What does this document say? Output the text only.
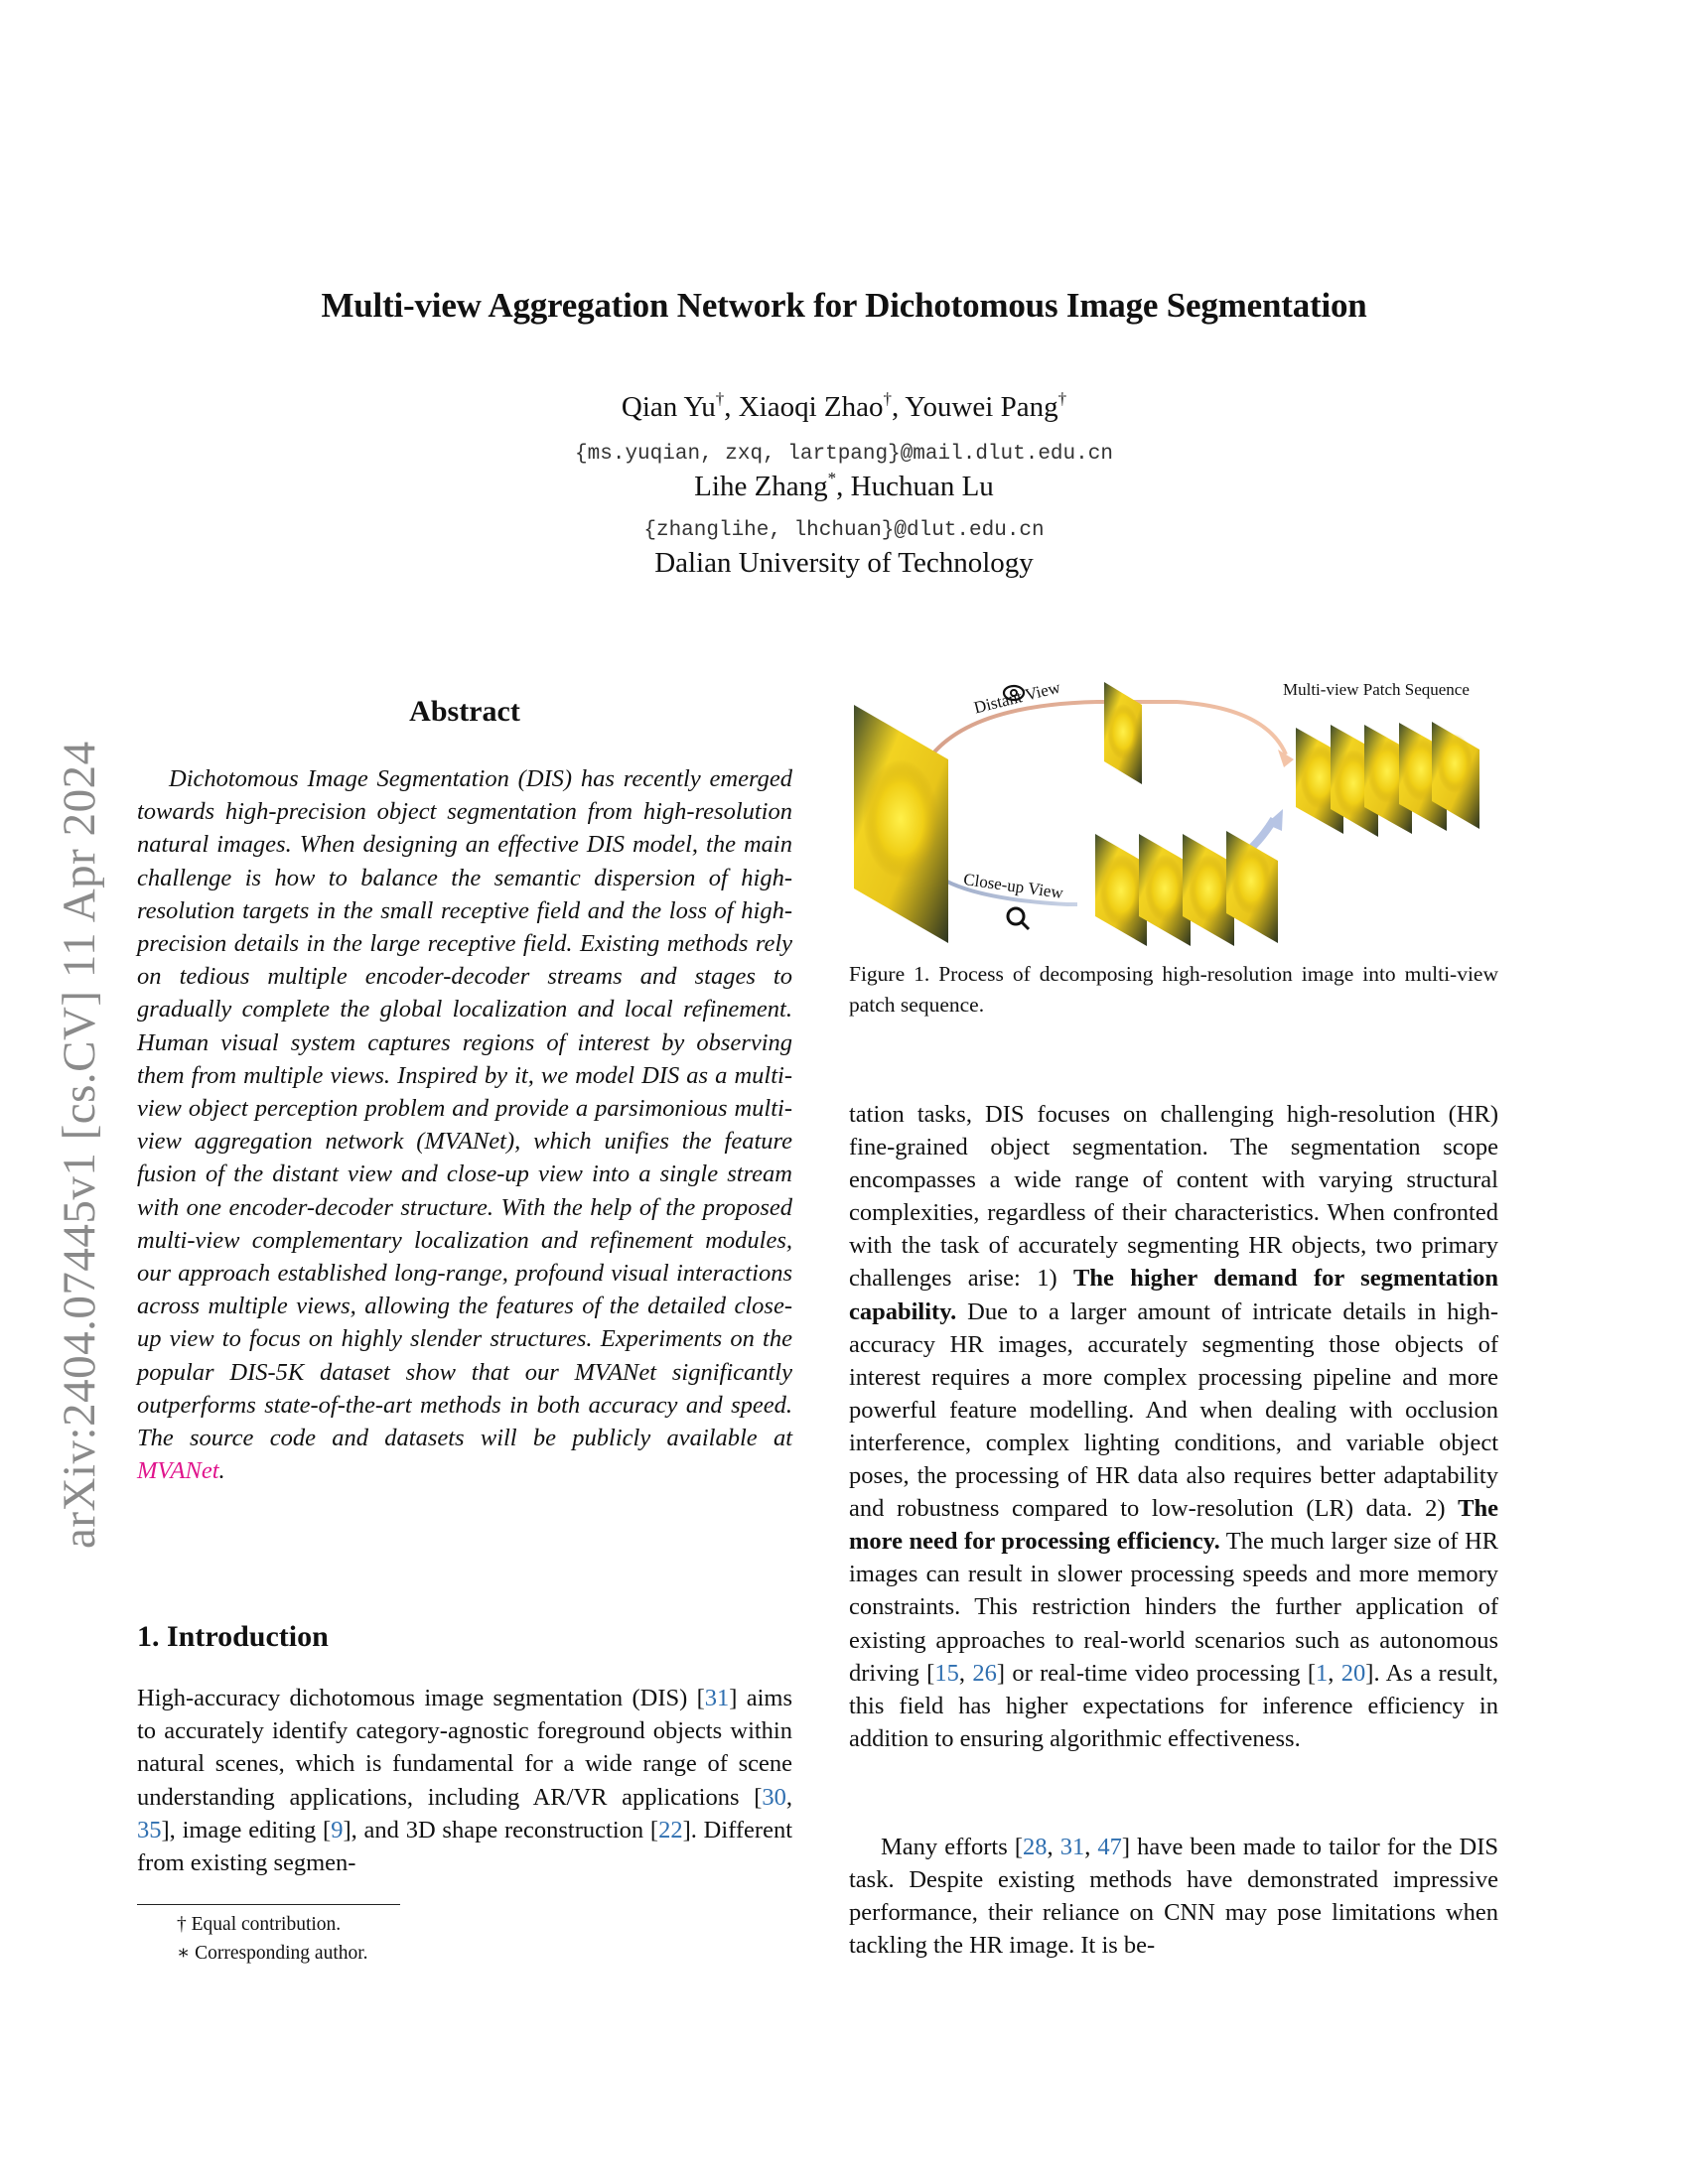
arXiv:2404.07445v1 [cs.CV] 11 Apr 2024
Multi-view Aggregation Network for Dichotomous Image Segmentation
Qian Yu†, Xiaoqi Zhao†, Youwei Pang†
{ms.yuqian, zxq, lartpang}@mail.dlut.edu.cn
Lihe Zhang*, Huchuan Lu
{zhanglihe, lhchuan}@dlut.edu.cn
Dalian University of Technology
Abstract
Dichotomous Image Segmentation (DIS) has recently emerged towards high-precision object segmentation from high-resolution natural images. When designing an effective DIS model, the main challenge is how to balance the semantic dispersion of high-resolution targets in the small receptive field and the loss of high-precision details in the large receptive field. Existing methods rely on tedious multiple encoder-decoder streams and stages to gradually complete the global localization and local refinement. Human visual system captures regions of interest by observing them from multiple views. Inspired by it, we model DIS as a multi-view object perception problem and provide a parsimonious multi-view aggregation network (MVANet), which unifies the feature fusion of the distant view and close-up view into a single stream with one encoder-decoder structure. With the help of the proposed multi-view complementary localization and refinement modules, our approach established long-range, profound visual interactions across multiple views, allowing the features of the detailed close-up view to focus on highly slender structures. Experiments on the popular DIS-5K dataset show that our MVANet significantly outperforms state-of-the-art methods in both accuracy and speed. The source code and datasets will be publicly available at MVANet.
1. Introduction
High-accuracy dichotomous image segmentation (DIS) [31] aims to accurately identify category-agnostic foreground objects within natural scenes, which is fundamental for a wide range of scene understanding applications, including AR/VR applications [30, 35], image editing [9], and 3D shape reconstruction [22]. Different from existing segmen-
† Equal contribution.
∗ Corresponding author.
Distant View
Close-up View
Multi-view Patch Sequence
Figure 1. Process of decomposing high-resolution image into multi-view patch sequence.
tation tasks, DIS focuses on challenging high-resolution (HR) fine-grained object segmentation. The segmentation scope encompasses a wide range of content with varying structural complexities, regardless of their characteristics. When confronted with the task of accurately segmenting HR objects, two primary challenges arise: 1) The higher demand for segmentation capability. Due to a larger amount of intricate details in high-accuracy HR images, accurately segmenting those objects of interest requires a more complex processing pipeline and more powerful feature modelling. And when dealing with occlusion interference, complex lighting conditions, and variable object poses, the processing of HR data also requires better adaptability and robustness compared to low-resolution (LR) data. 2) The more need for processing efficiency. The much larger size of HR images can result in slower processing speeds and more memory constraints. This restriction hinders the further application of existing approaches to real-world scenarios such as autonomous driving [15, 26] or real-time video processing [1, 20]. As a result, this field has higher expectations for inference efficiency in addition to ensuring algorithmic effectiveness.
Many efforts [28, 31, 47] have been made to tailor for the DIS task. Despite existing methods have demonstrated impressive performance, their reliance on CNN may pose limitations when tackling the HR image. It is be-
